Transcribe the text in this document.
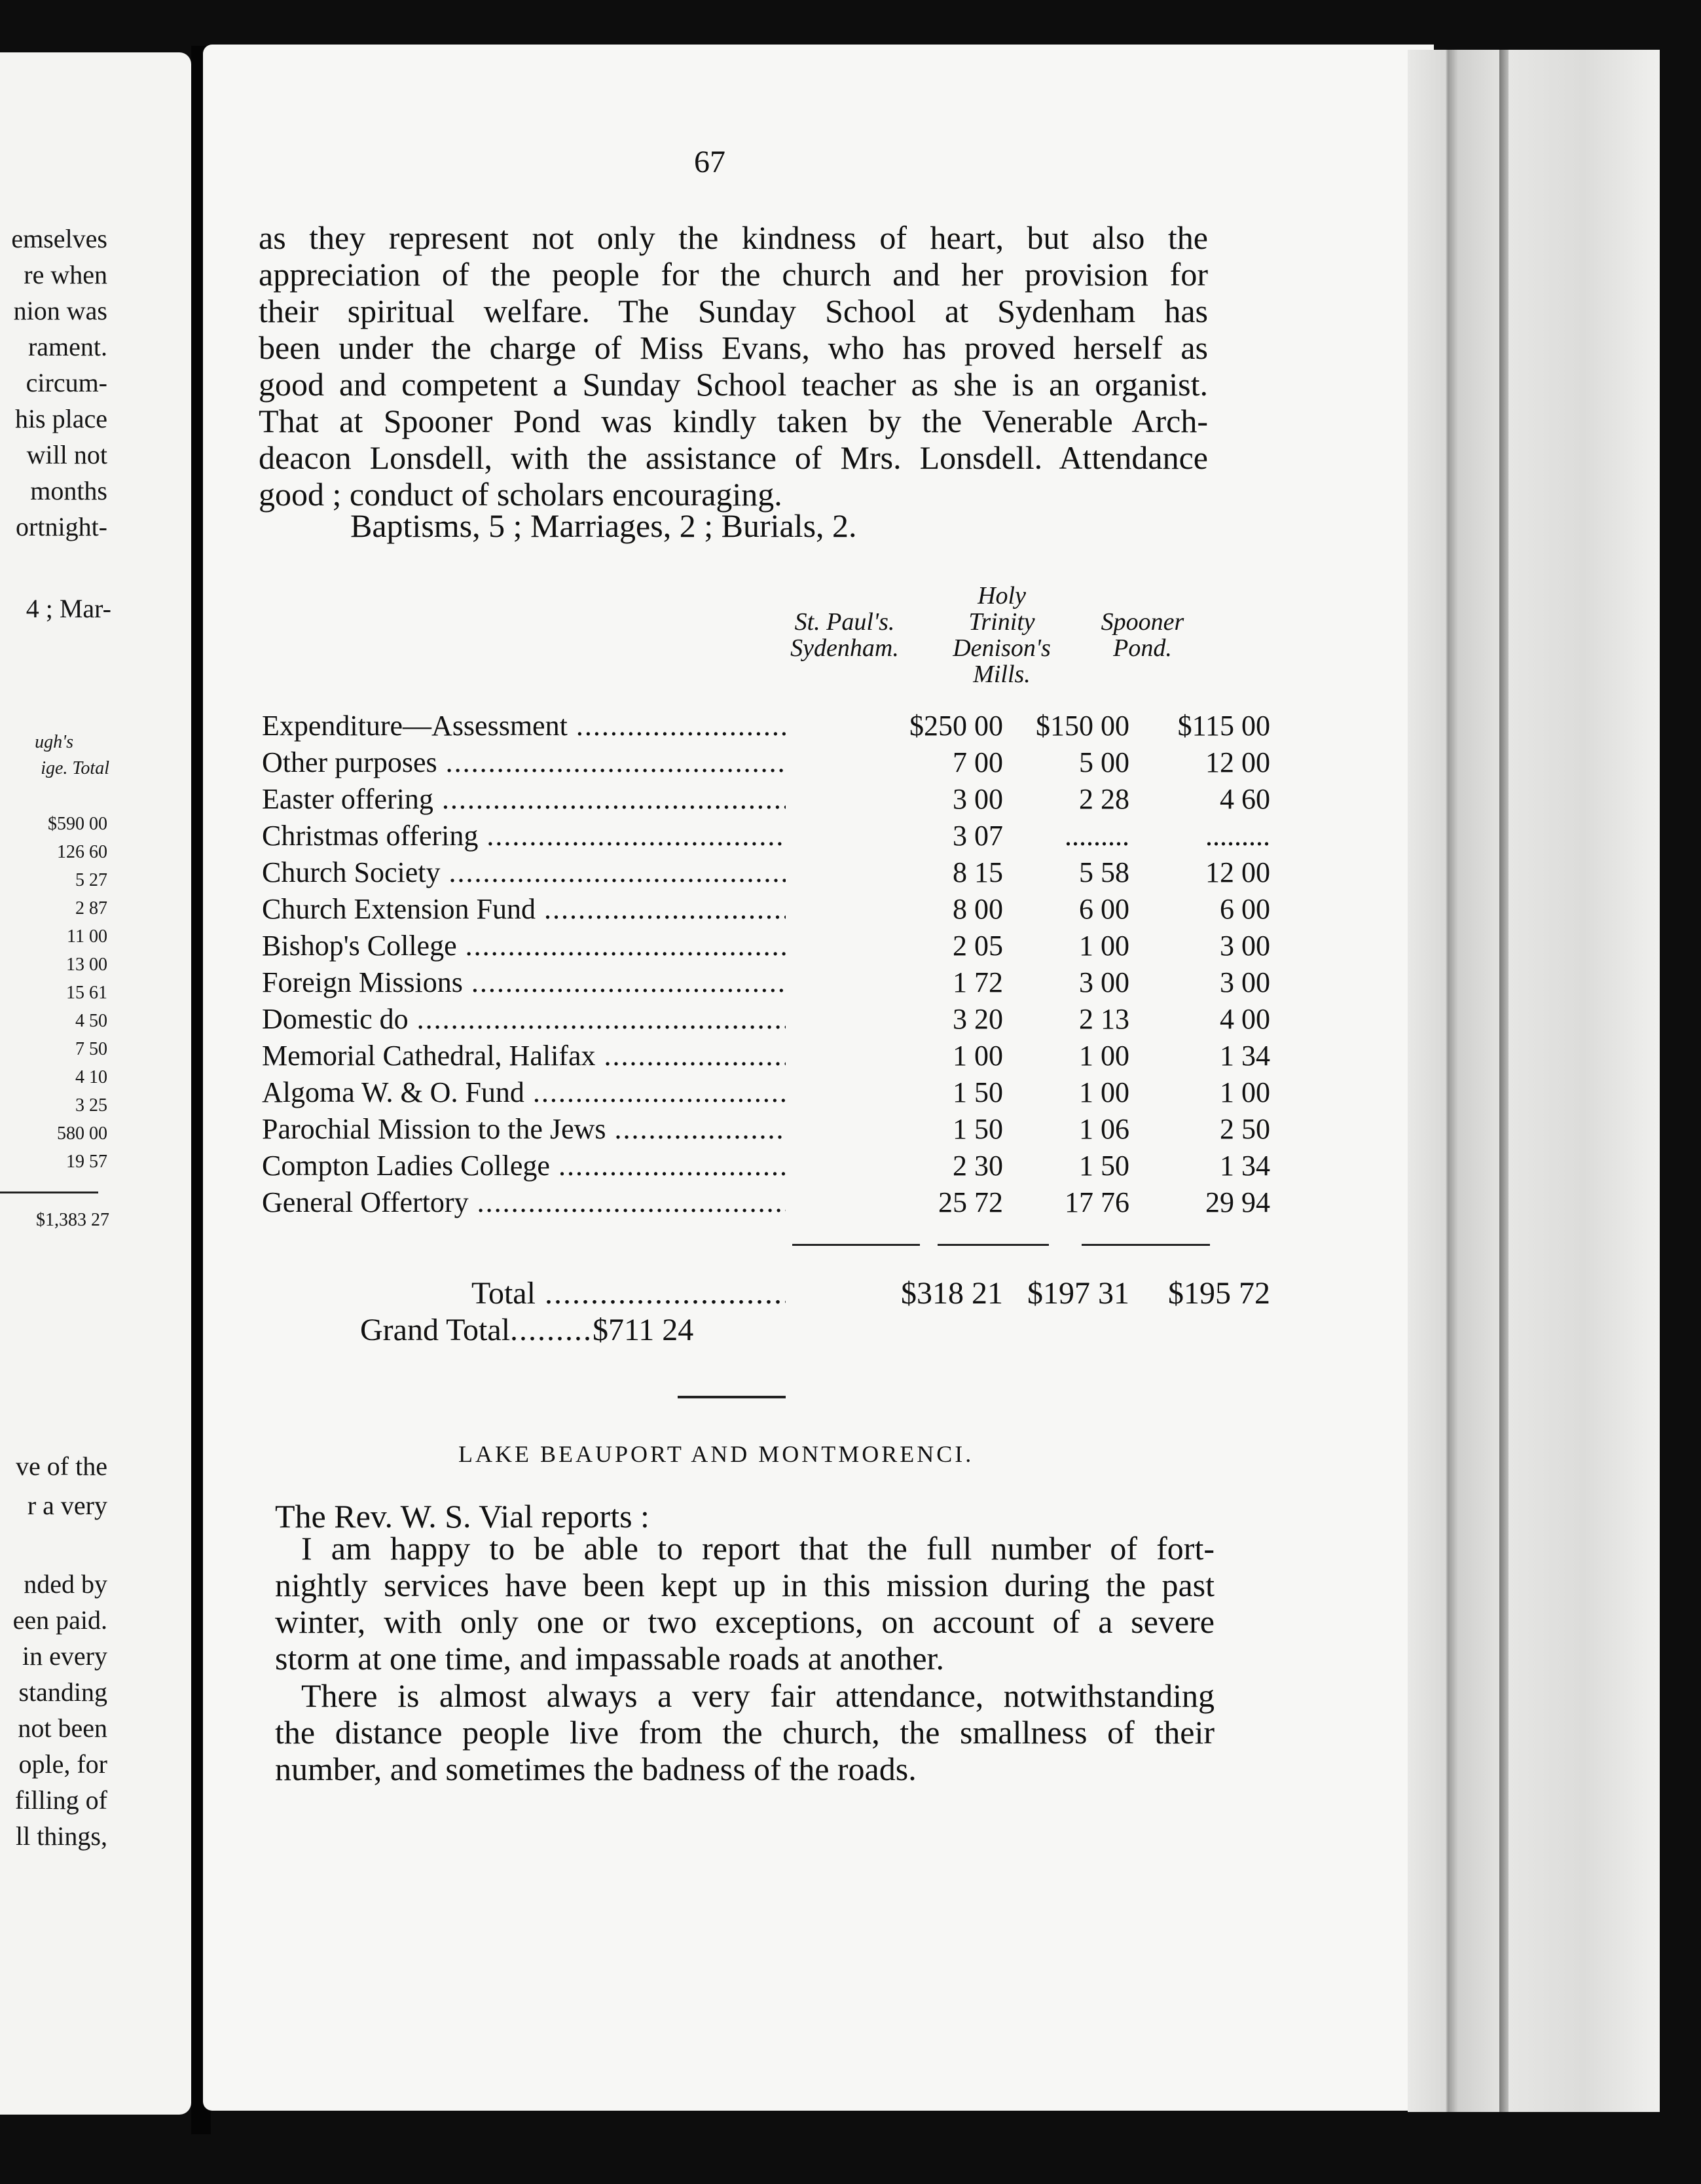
emselves
re when
nion was
rament.
circum-
his place
will not
months
ortnight-
4 ; Mar-
ugh's
ige. Total
$590 00
126 60
5 27
2 87
11 00
13 00
15 61
4 50
7 50
4 10
3 25
580 00
19 57
$1,383 27
ve of the
r a very
nded by
een paid.
in every
standing
not been
ople, for
filling of
ll things,
67
as they represent not only the kindness of heart, but also the
appreciation of the people for the church and her provision for
their spiritual welfare. The Sunday School at Sydenham has
been under the charge of Miss Evans, who has proved herself as
good and competent a Sunday School teacher as she is an organist.
That at Spooner Pond was kindly taken by the Venerable Arch-
deacon Lonsdell, with the assistance of Mrs. Lonsdell. Attendance
good ; conduct of scholars encouraging.
Baptisms, 5 ; Marriages, 2 ; Burials, 2.
St. Paul's.
Sydenham.
Holy
Trinity
Denison's
Mills.
Spooner
Pond.
Expenditure—Assessment .....	$250 00	$150 00	$115 00
Other purposes .....	7 00	5 00	12 00
Easter offering .....	3 00	2 28	4 60
Christmas offering .....	3 07	.........	.........
Church Society .....	8 15	5 58	12 00
Church Extension Fund .....	8 00	6 00	6 00
Bishop's College .....	2 05	1 00	3 00
Foreign Missions .....	1 72	3 00	3 00
Domestic do .....	3 20	2 13	4 00
Memorial Cathedral, Halifax .....	1 00	1 00	1 34
Algoma W. & O. Fund .....	1 50	1 00	1 00
Parochial Mission to the Jews .....	1 50	1 06	2 50
Compton Ladies College .....	2 30	1 50	1 34
General Offertory .....	25 72	17 76	29 94
Total .....	$318 21 $197 31	$195 72
Grand Total.........$711 24
LAKE BEAUPORT AND MONTMORENCI.
The Rev. W. S. Vial reports :
I am happy to be able to report that the full number of fort-
nightly services have been kept up in this mission during the past
winter, with only one or two exceptions, on account of a severe
storm at one time, and impassable roads at another.
There is almost always a very fair attendance, notwithstanding
the distance people live from the church, the smallness of their
number, and sometimes the badness of the roads.
